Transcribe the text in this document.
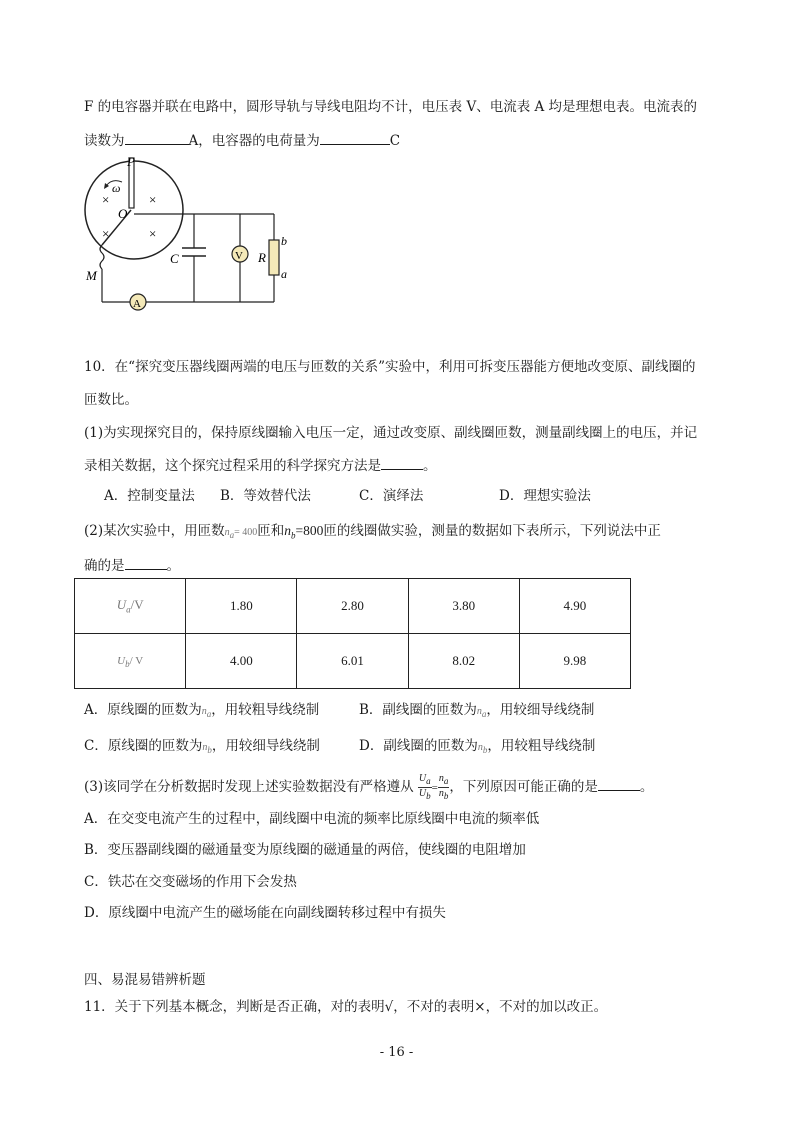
F 的电容器并联在电路中，圆形导轨与导线电阻均不计，电压表 V、电流表 A 均是理想电表。电流表的
读数为	A，电容器的电荷量为	C
×	×
×	×
P
ω
O
M
b
a
R
C	V
A
10．在“探究变压器线圈两端的电压与匝数的关系”实验中，利用可拆变压器能方便地改变原、副线圈的
匝数比。
(1)为实现探究目的，保持原线圈输入电压一定，通过改变原、副线圈匝数，测量副线圈上的电压，并记
录相关数据，这个探究过程采用的科学探究方法是	。
A．控制变量法 B．等效替代法	C．演绎法	D．理想实验法
(2)某次实验中，用匝数$n_a= 400$匝和$n_b=800$匝的线圈做实验，测量的数据如下表所示，下列说法中正
确的是	。
$U_a/V$	1.80	2.80	3.80	4.90
$U_b/$ V	4.00	6.01	8.02	9.98
A．原线圈的匝数为$n_a$，用较粗导线绕制	B．副线圈的匝数为$n_a$，用较细导线绕制
C．原线圈的匝数为$n_b$，用较细导线绕制	D．副线圈的匝数为$n_b$，用较粗导线绕制
(3)该同学在分析数据时发现上述实验数据没有严格遵从 $\frac{U_a}{U_b} = \frac{n_a}{n_b}$ ，下列原因可能正确的是	。
A．在交变电流产生的过程中，副线圈中电流的频率比原线圈中电流的频率低
B．变压器副线圈的磁通量变为原线圈的磁通量的两倍，使线圈的电阻增加
C．铁芯在交变磁场的作用下会发热
D．原线圈中电流产生的磁场能在向副线圈转移过程中有损失
四、易混易错辨析题
11．关于下列基本概念，判断是否正确，对的表明√，不对的表明×，不对的加以改正。
- 16 -
